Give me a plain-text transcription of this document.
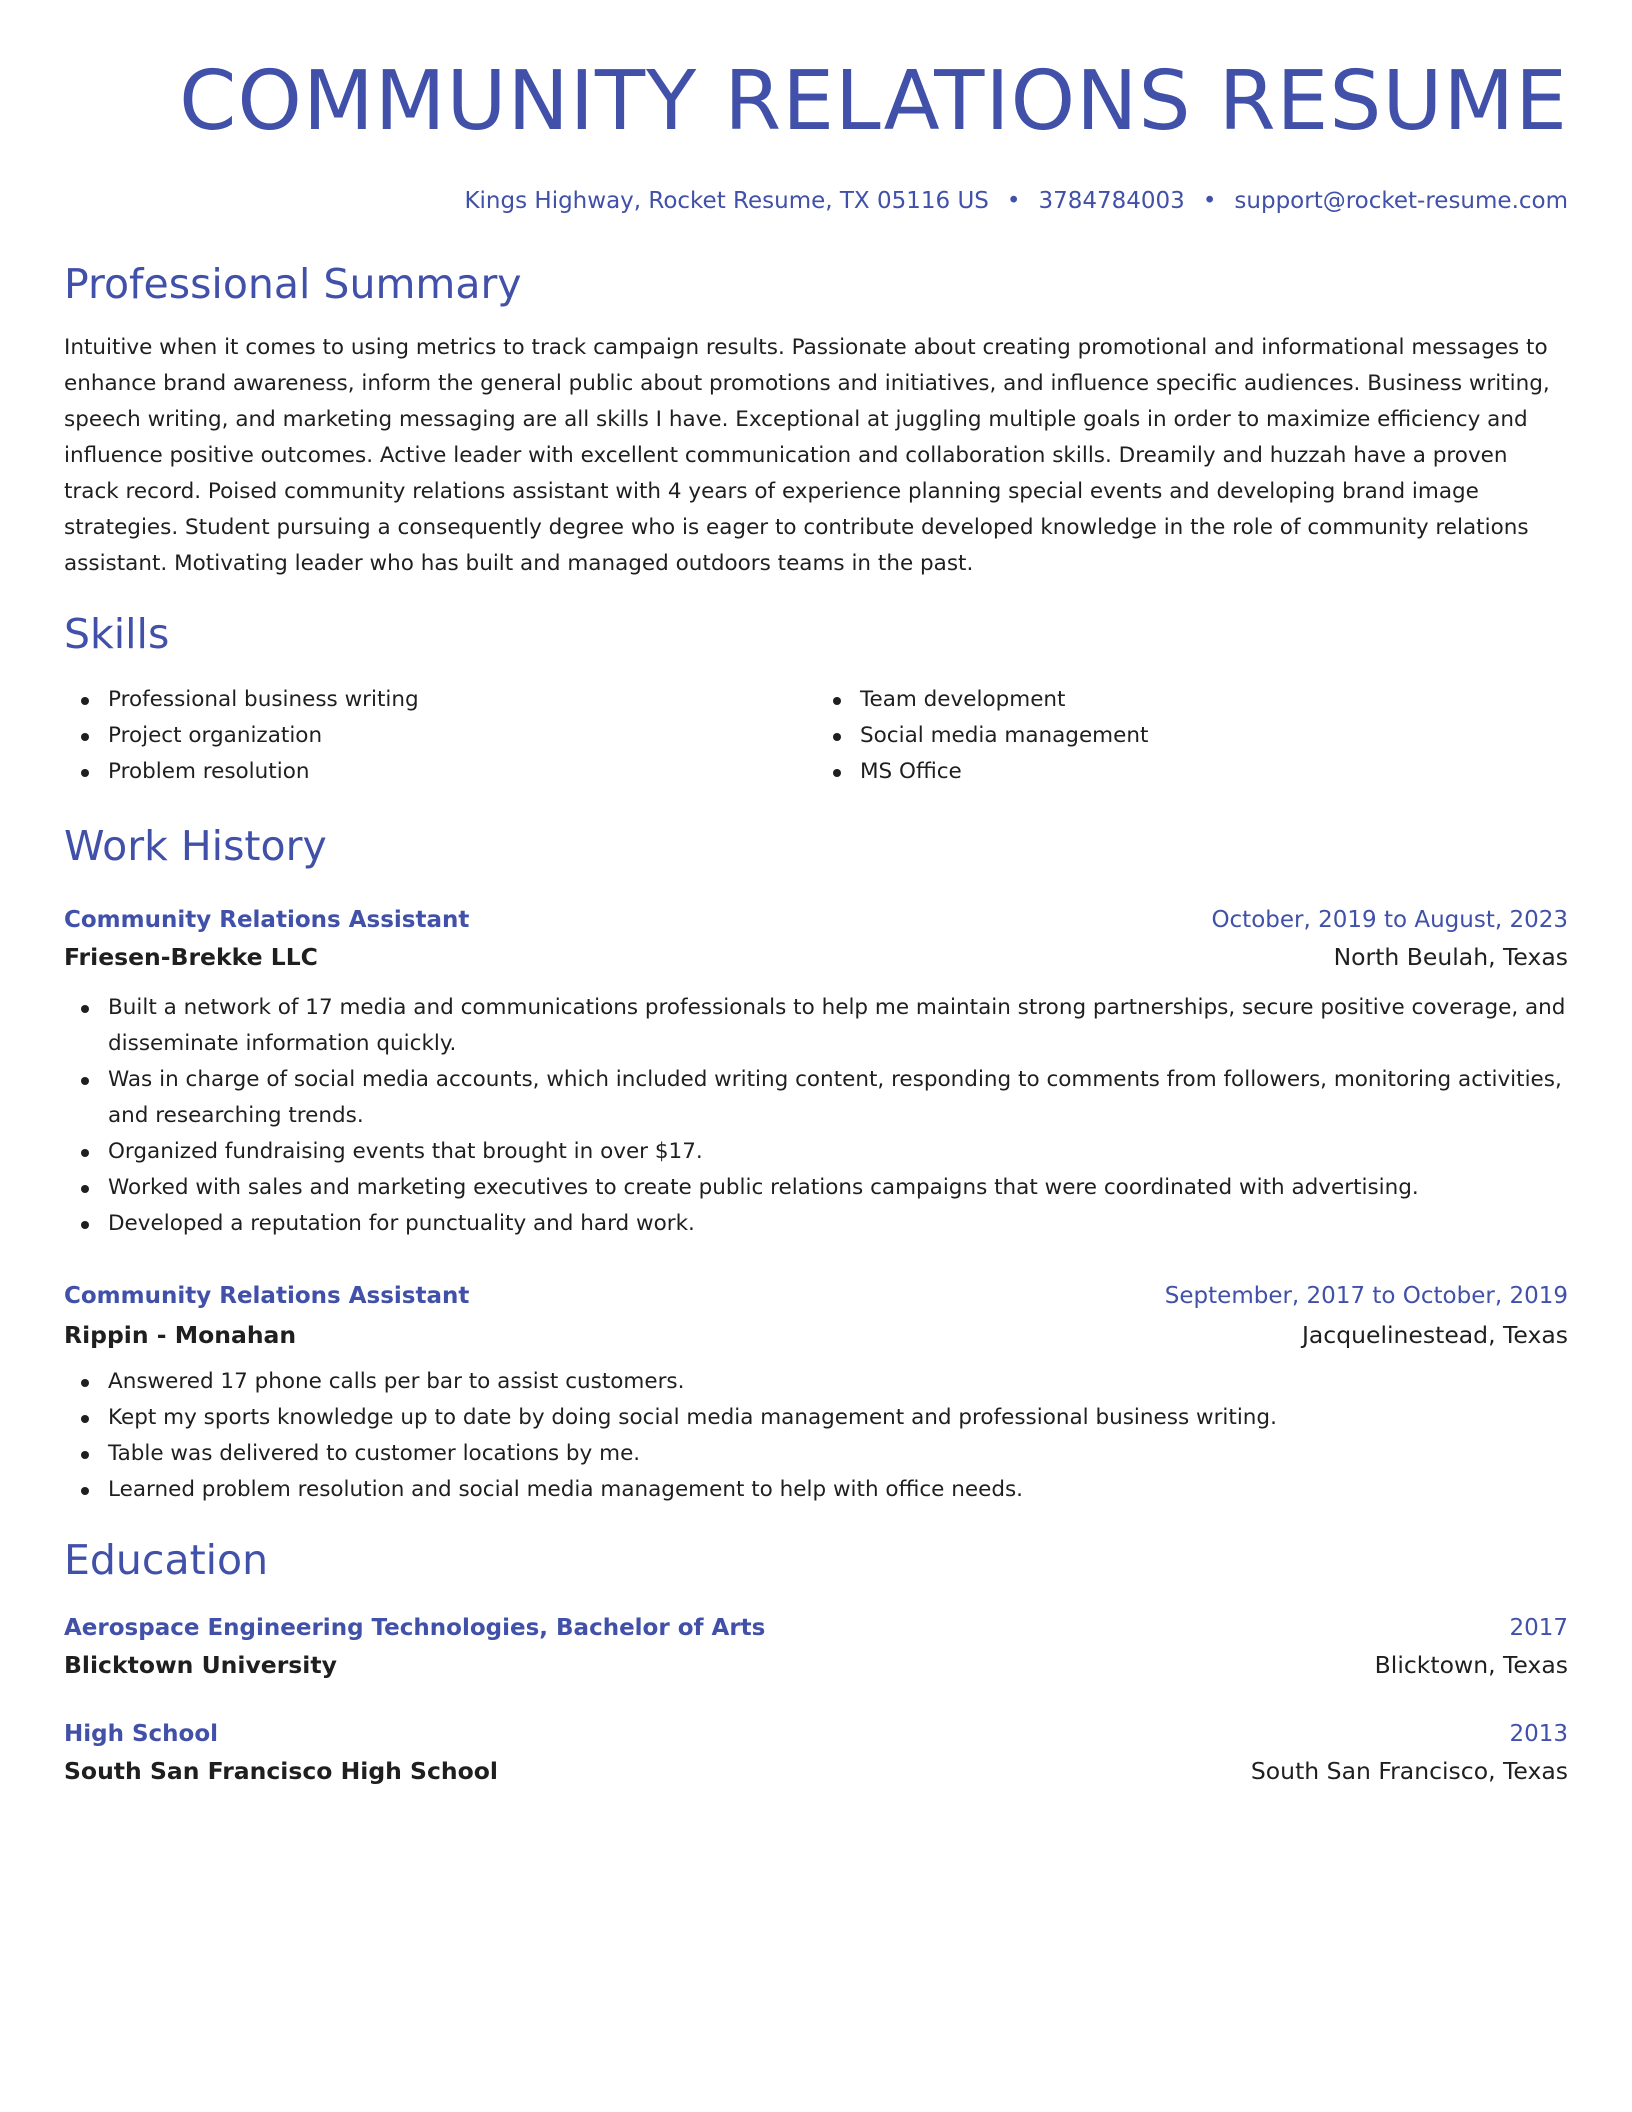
COMMUNITY RELATIONS RESUME
Kings Highway, Rocket Resume, TX 05116 US • 3784784003 • support@rocket-resume.com
Professional Summary

Intuitive when it comes to using metrics to track campaign results. Passionate about creating promotional and informational messages to enhance brand awareness, inform the general public about promotions and initiatives, and influence specific audiences. Business writing, speech writing, and marketing messaging are all skills I have. Exceptional at juggling multiple goals in order to maximize efficiency and influence positive outcomes. Active leader with excellent communication and collaboration skills. Dreamily and huzzah have a proven track record. Poised community relations assistant with 4 years of experience planning special events and developing brand image strategies. Student pursuing a consequently degree who is eager to contribute developed knowledge in the role of community relations assistant. Motivating leader who has built and managed outdoors teams in the past.

Skills
Professional business writing
Project organization
Problem resolution
Team development
Social media management
MS Office
Work History
Community Relations Assistant	October, 2019 to August, 2023
Friesen-Brekke LLC	North Beulah, Texas
Built a network of 17 media and communications professionals to help me maintain strong partnerships, secure positive coverage, and disseminate information quickly.
Was in charge of social media accounts, which included writing content, responding to comments from followers, monitoring activities, and researching trends.
Organized fundraising events that brought in over $17.
Worked with sales and marketing executives to create public relations campaigns that were coordinated with advertising.
Developed a reputation for punctuality and hard work.
Community Relations Assistant	September, 2017 to October, 2019
Rippin - Monahan	Jacquelinestead, Texas
Answered 17 phone calls per bar to assist customers.
Kept my sports knowledge up to date by doing social media management and professional business writing.
Table was delivered to customer locations by me.
Learned problem resolution and social media management to help with office needs.
Education
Aerospace Engineering Technologies, Bachelor of Arts	2017
Blicktown University	Blicktown, Texas
High School	2013
South San Francisco High School	South San Francisco, Texas
